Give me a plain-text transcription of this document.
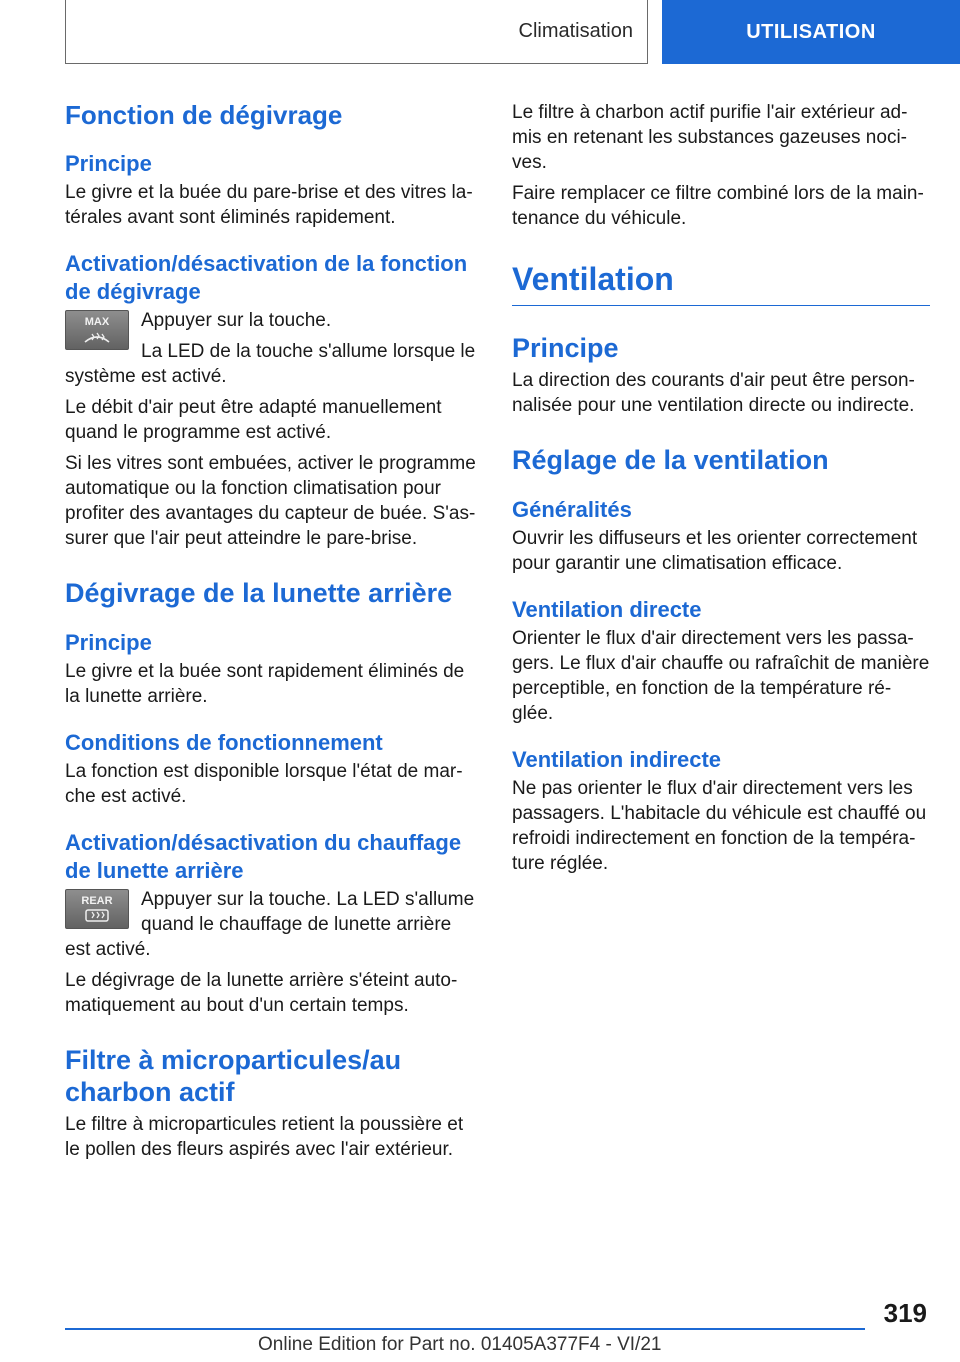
Climatisation	UTILISATION
Fonction de dégivrage
Principe

Le givre et la buée du pare-brise et des vitres la-térales avant sont éliminés rapidement.

Activation/désactivation de la fonction de dégivrage
MAX	Appuyer sur la touche.

La LED de la touche s'allume lorsque le système est activé.

Le débit d'air peut être adapté manuellement quand le programme est activé.

Si les vitres sont embuées, activer le programme automatique ou la fonction climatisation pour profiter des avantages du capteur de buée. S'as-surer que l'air peut atteindre le pare-brise.

Dégivrage de la lunette arrière
Principe

Le givre et la buée sont rapidement éliminés de la lunette arrière.

Conditions de fonctionnement

La fonction est disponible lorsque l'état de mar-che est activé.

Activation/désactivation du chauffage de lunette arrière
REAR	Appuyer sur la touche. La LED s'allume quand le chauffage de lunette arrière est activé.

Le dégivrage de la lunette arrière s'éteint auto-matiquement au bout d'un certain temps.

Filtre à microparticules/au charbon actif

Le filtre à microparticules retient la poussière et le pollen des fleurs aspirés avec l'air extérieur.

Le filtre à charbon actif purifie l'air extérieur ad-mis en retenant les substances gazeuses noci-ves.

Faire remplacer ce filtre combiné lors de la main-tenance du véhicule.

Ventilation
Principe

La direction des courants d'air peut être person-nalisée pour une ventilation directe ou indirecte.

Réglage de la ventilation
Généralités

Ouvrir les diffuseurs et les orienter correctement pour garantir une climatisation efficace.

Ventilation directe

Orienter le flux d'air directement vers les passa-gers. Le flux d'air chauffe ou rafraîchit de manière perceptible, en fonction de la température ré-glée.

Ventilation indirecte

Ne pas orienter le flux d'air directement vers les passagers. L'habitacle du véhicule est chauffé ou refroidi indirectement en fonction de la tempéra-ture réglée.

319
Online Edition for Part no. 01405A377F4 - VI/21
